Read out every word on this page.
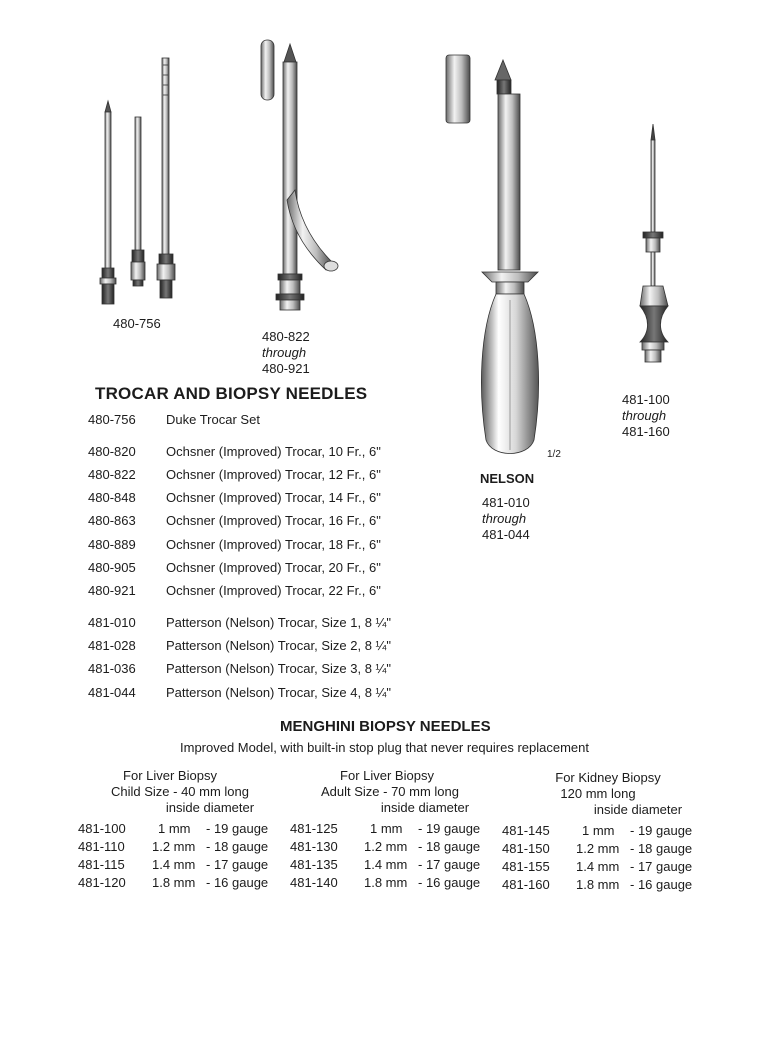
480-756
480-822
through
480-921
1/2
NELSON
481-010
through
481-044
481-100
through
481-160
TROCAR AND BIOPSY NEEDLES
480-756	Duke Trocar Set
480-820	Ochsner (Improved) Trocar, 10 Fr., 6"
480-822	Ochsner (Improved) Trocar, 12 Fr., 6"
480-848	Ochsner (Improved) Trocar, 14 Fr., 6"
480-863	Ochsner (Improved) Trocar, 16 Fr., 6"
480-889	Ochsner (Improved) Trocar, 18 Fr., 6"
480-905	Ochsner (Improved) Trocar, 20 Fr., 6"
480-921	Ochsner (Improved) Trocar, 22 Fr., 6"
481-010	Patterson (Nelson) Trocar, Size 1, 8 ¼"
481-028	Patterson (Nelson) Trocar, Size 2, 8 ¼"
481-036	Patterson (Nelson) Trocar, Size 3, 8 ¼"
481-044	Patterson (Nelson) Trocar, Size 4, 8 ¼"
MENGHINI BIOPSY NEEDLES
Improved Model, with built-in stop plug that never requires replacement
For Liver Biopsy
Child Size - 40 mm long
inside diameter
481-100 1 mm - 19 gauge
481-110 1.2 mm - 18 gauge
481-115 1.4 mm - 17 gauge
481-120 1.8 mm - 16 gauge
For Liver Biopsy
Adult Size - 70 mm long
inside diameter
481-125 1 mm - 19 gauge
481-130 1.2 mm - 18 gauge
481-135 1.4 mm - 17 gauge
481-140 1.8 mm - 16 gauge
For Kidney Biopsy
120 mm long
inside diameter
481-145 1 mm - 19 gauge
481-150 1.2 mm - 18 gauge
481-155 1.4 mm - 17 gauge
481-160 1.8 mm - 16 gauge
